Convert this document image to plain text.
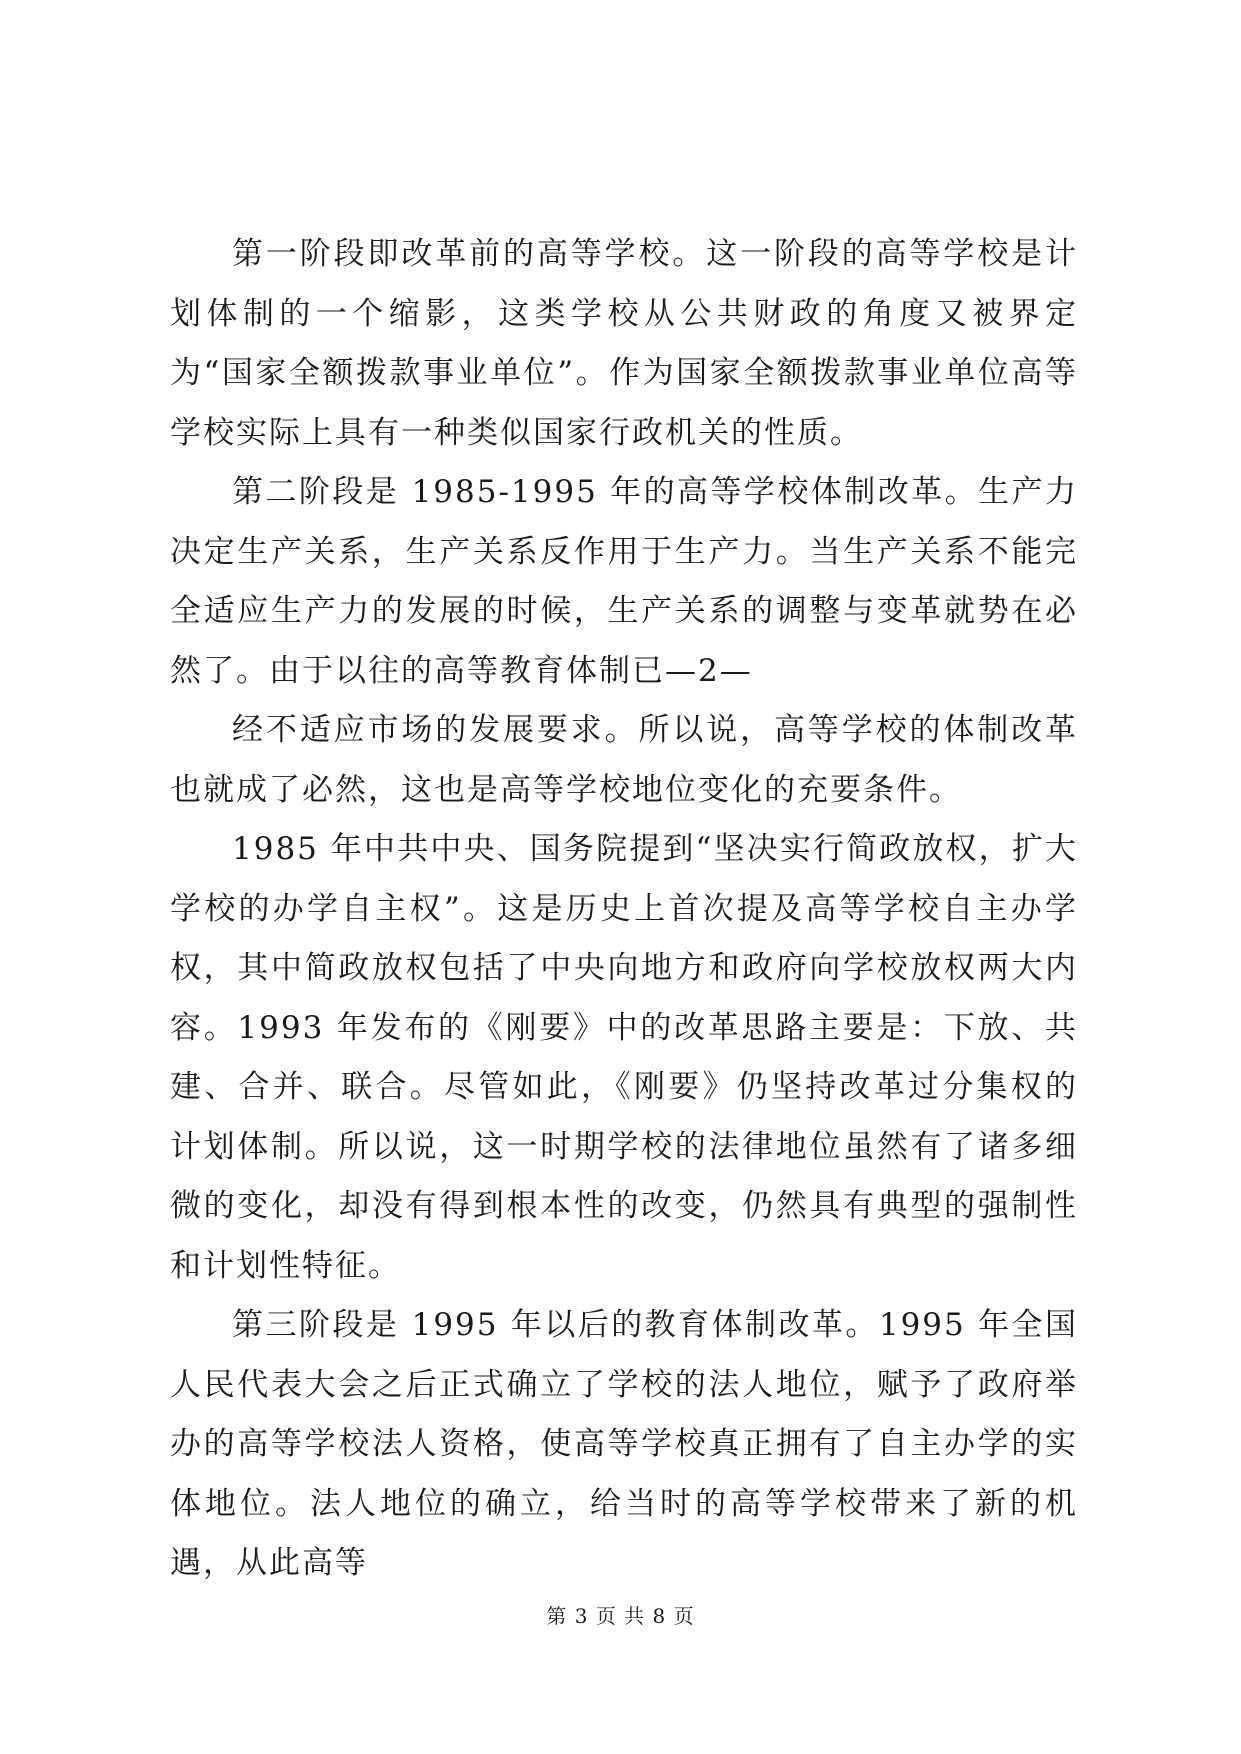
第一阶段即改革前的高等学校。这一阶段的高等学校是计划体制的一个缩影，这类学校从公共财政的角度又被界定为“国家全额拨款事业单位”。作为国家全额拨款事业单位高等学校实际上具有一种类似国家行政机关的性质。

第二阶段是 1985-1995 年的高等学校体制改革。生产力决定生产关系，生产关系反作用于生产力。当生产关系不能完全适应生产力的发展的时候，生产关系的调整与变革就势在必然了。由于以往的高等教育体制已—2—

经不适应市场的发展要求。所以说，高等学校的体制改革也就成了必然，这也是高等学校地位变化的充要条件。

1985 年中共中央、国务院提到“坚决实行简政放权，扩大学校的办学自主权”。这是历史上首次提及高等学校自主办学权，其中简政放权包括了中央向地方和政府向学校放权两大内容。1993 年发布的《刚要》中的改革思路主要是：下放、共建、合并、联合。尽管如此，《刚要》仍坚持改革过分集权的计划体制。所以说，这一时期学校的法律地位虽然有了诸多细微的变化，却没有得到根本性的改变，仍然具有典型的强制性和计划性特征。

第三阶段是 1995 年以后的教育体制改革。1995 年全国人民代表大会之后正式确立了学校的法人地位，赋予了政府举办的高等学校法人资格，使高等学校真正拥有了自主办学的实体地位。法人地位的确立，给当时的高等学校带来了新的机遇，从此高等

第 3 页 共 8 页
